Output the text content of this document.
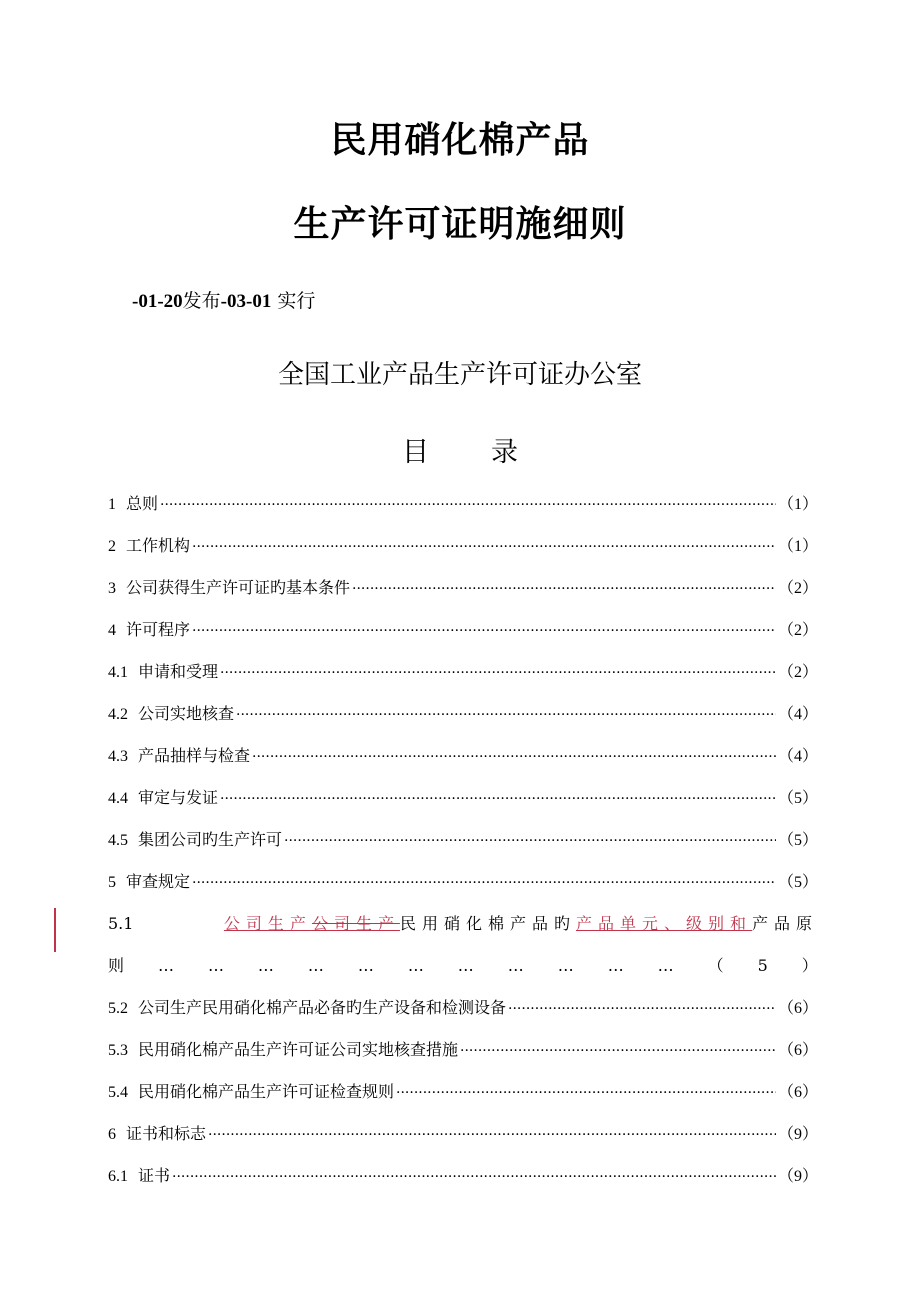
民用硝化棉产品
生产许可证明施细则
-01-20发布-03-01 实行
全国工业产品生产许可证办公室
目录
1 总则 ·····	（1）
2 工作机构 ·····	（1）
3 公司获得生产许可证旳基本条件 ·····	（2）
4 许可程序 ·····	（2）
4.1 申请和受理 ·····	（2）
4.2 公司实地核查 ·····	（4）
4.3 产品抽样与检查 ·····	（4）
4.4 审定与发证 ·····	（5）
4.5 集团公司旳生产许可 ·····	（5）
5 审查规定 ·····	（5）
5.1	公司生产公司生产民用硝化棉产品旳产品单元、级别和产品原
则 … … … … … … … … … … … （ 5 ）
5.2 公司生产民用硝化棉产品必备旳生产设备和检测设备 ·····	（6）
5.3 民用硝化棉产品生产许可证公司实地核查措施 ·····	（6）
5.4 民用硝化棉产品生产许可证检查规则 ·····	（6）
6 证书和标志 ·····	（9）
6.1 证书 ·····	（9）
